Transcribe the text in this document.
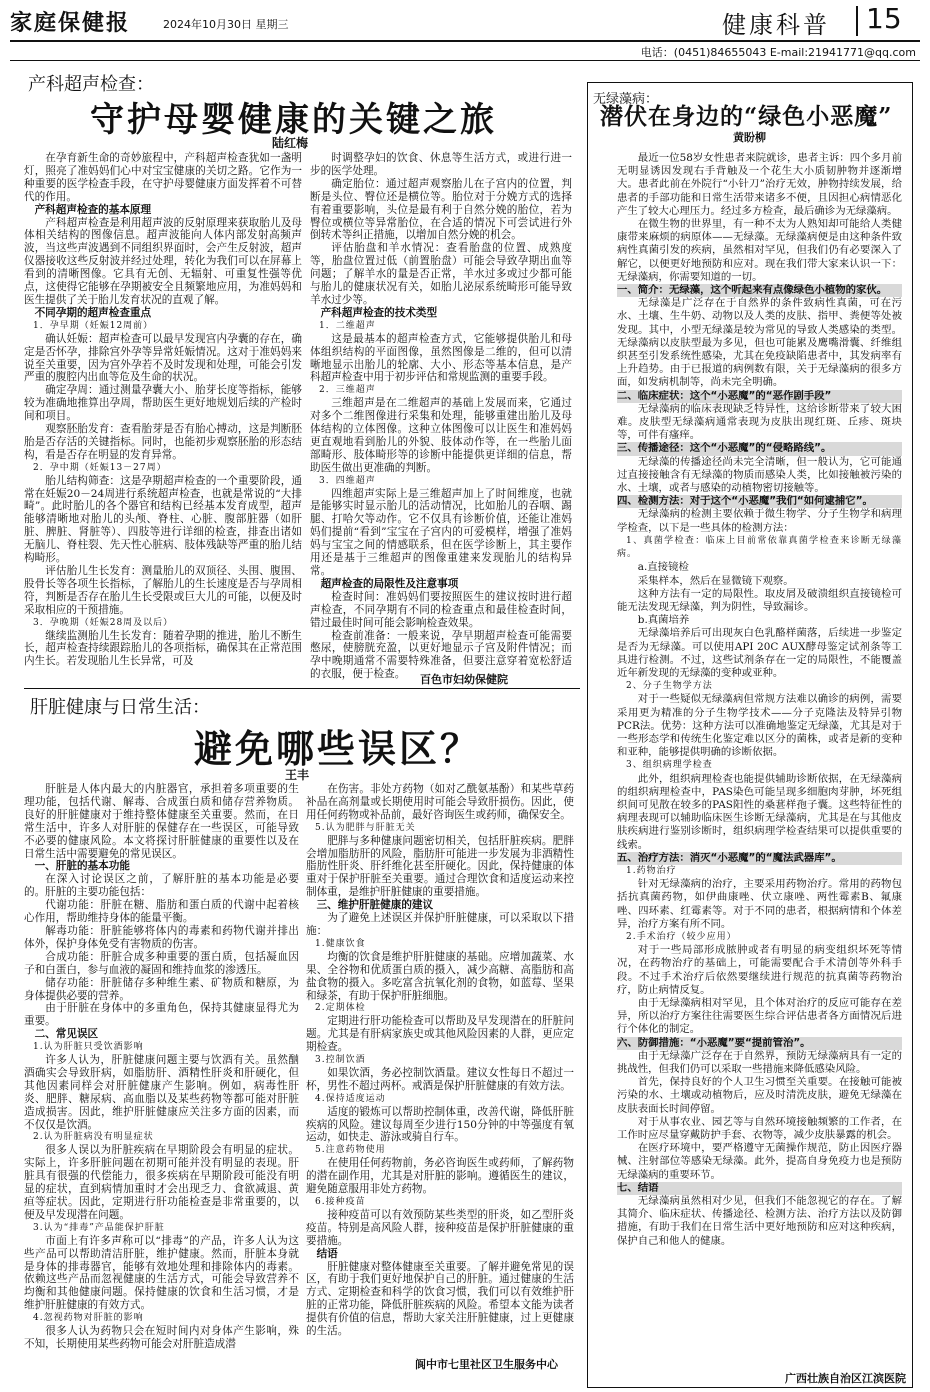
家庭保健报	2024年10月30日 星期三	健康科普 15
电话：(0451)84655043 E-mail:21941771@qq.com
产科超声检查：
守护母婴健康的关键之旅
陆红梅

在孕育新生命的奇妙旅程中，产科超声检查犹如一盏明灯，照亮了准妈妈们心中对宝宝健康的关切之路。它作为一种重要的医学检查手段，在守护母婴健康方面发挥着不可替代的作用。

产科超声检查的基本原理

产科超声检查是利用超声波的反射原理来获取胎儿及母体相关结构的图像信息。超声波能向人体内部发射高频声波，当这些声波遇到不同组织界面时，会产生反射波，超声仪器接收这些反射波并经过处理，转化为我们可以在屏幕上看到的清晰图像。它具有无创、无辐射、可重复性强等优点，这使得它能够在孕期被安全且频繁地应用，为准妈妈和医生提供了关于胎儿发育状况的直观了解。

不同孕期的超声检查重点

1．孕早期（妊娠12周前）

确认妊娠：超声检查可以最早发现宫内孕囊的存在，确定是否怀孕，排除宫外孕等异常妊娠情况。这对于准妈妈来说至关重要，因为宫外孕若不及时发现和处理，可能会引发严重的腹腔内出血等危及生命的状况。

确定孕周：通过测量孕囊大小、胎芽长度等指标，能够较为准确地推算出孕周，帮助医生更好地规划后续的产检时间和项目。

观察胚胎发育：查看胎芽是否有胎心搏动，这是判断胚胎是否存活的关键指标。同时，也能初步观察胚胎的形态结构，看是否存在明显的发育异常。

2．孕中期（妊娠13－27周）

胎儿结构筛查：这是孕期超声检查的一个重要阶段，通常在妊娠20－24周进行系统超声检查，也就是常说的“大排畸”。此时胎儿的各个器官和结构已经基本发育成型，超声能够清晰地对胎儿的头颅、脊柱、心脏、腹部脏器（如肝脏、脾脏、肾脏等）、四肢等进行详细的检查，排查出诸如无脑儿、脊柱裂、先天性心脏病、肢体残缺等严重的胎儿结构畸形。

评估胎儿生长发育：测量胎儿的双顶径、头围、腹围、股骨长等各项生长指标，了解胎儿的生长速度是否与孕周相符，判断是否存在胎儿生长受限或巨大儿的可能，以便及时采取相应的干预措施。

3．孕晚期（妊娠28周及以后）

继续监测胎儿生长发育：随着孕期的推进，胎儿不断生长，超声检查持续跟踪胎儿的各项指标，确保其在正常范围内生长。若发现胎儿生长异常，可及

时调整孕妇的饮食、休息等生活方式，或进行进一步的医学处理。

确定胎位：通过超声观察胎儿在子宫内的位置，判断是头位、臀位还是横位等。胎位对于分娩方式的选择有着重要影响，头位是最有利于自然分娩的胎位，若为臀位或横位等异常胎位，在合适的情况下可尝试进行外倒转术等纠正措施，以增加自然分娩的机会。

评估胎盘和羊水情况：查看胎盘的位置、成熟度等，胎盘位置过低（前置胎盘）可能会导致孕期出血等问题；了解羊水的量是否正常，羊水过多或过少都可能与胎儿的健康状况有关，如胎儿泌尿系统畸形可能导致羊水过少等。

产科超声检查的技术类型

1．二维超声

这是最基本的超声检查方式，它能够提供胎儿和母体组织结构的平面图像，虽然图像是二维的，但可以清晰地显示出胎儿的轮廓、大小、形态等基本信息，是产科超声检查中用于初步评估和常规监测的重要手段。

2．三维超声

三维超声是在二维超声的基础上发展而来，它通过对多个二维图像进行采集和处理，能够重建出胎儿及母体结构的立体图像。这种立体图像可以让医生和准妈妈更直观地看到胎儿的外貌、肢体动作等，在一些胎儿面部畸形、肢体畸形等的诊断中能提供更详细的信息，帮助医生做出更准确的判断。

3．四维超声

四维超声实际上是三维超声加上了时间维度，也就是能够实时显示胎儿的活动情况，比如胎儿的吞咽、踢腿、打哈欠等动作。它不仅具有诊断价值，还能让准妈妈们提前“看到”宝宝在子宫内的可爱模样，增强了准妈妈与宝宝之间的情感联系，但在医学诊断上，其主要作用还是基于三维超声的图像重建来发现胎儿的结构异常。

超声检查的局限性及注意事项

检查时间：准妈妈们要按照医生的建议按时进行超声检查，不同孕期有不同的检查重点和最佳检查时间，错过最佳时间可能会影响检查效果。

检查前准备：一般来说，孕早期超声检查可能需要憋尿，使膀胱充盈，以更好地显示子宫及附件情况；而孕中晚期通常不需要特殊准备，但要注意穿着宽松舒适的衣服，便于检查。	百色市妇幼保健院
肝脏健康与日常生活：
避免哪些误区？
王丰

肝脏是人体内最大的内脏器官，承担着多项重要的生理功能，包括代谢、解毒、合成蛋白质和储存营养物质。良好的肝脏健康对于维持整体健康至关重要。然而，在日常生活中，许多人对肝脏的保健存在一些误区，可能导致不必要的健康风险。本文将探讨肝脏健康的重要性以及在日常生活中需要避免的常见误区。

一、肝脏的基本功能

在深入讨论误区之前，了解肝脏的基本功能是必要的。肝脏的主要功能包括：

代谢功能：肝脏在糖、脂肪和蛋白质的代谢中起着核心作用，帮助维持身体的能量平衡。

解毒功能：肝脏能够将体内的毒素和药物代谢并排出体外，保护身体免受有害物质的伤害。

合成功能：肝脏合成多种重要的蛋白质，包括凝血因子和白蛋白，参与血液的凝固和维持血浆的渗透压。

储存功能：肝脏储存多种维生素、矿物质和糖原，为身体提供必要的营养。

由于肝脏在身体中的多重角色，保持其健康显得尤为重要。

二、常见误区

1.认为肝脏只受饮酒影响

许多人认为，肝脏健康问题主要与饮酒有关。虽然酗酒确实会导致肝病，如脂肪肝、酒精性肝炎和肝硬化，但其他因素同样会对肝脏健康产生影响。例如，病毒性肝炎、肥胖、糖尿病、高血脂以及某些药物等都可能对肝脏造成损害。因此，维护肝脏健康应关注多方面的因素，而不仅仅是饮酒。

2.认为肝脏病没有明显症状

很多人误以为肝脏疾病在早期阶段会有明显的症状。实际上，许多肝脏问题在初期可能并没有明显的表现。肝脏具有很强的代偿能力，很多疾病在早期阶段可能没有明显的症状，直到病情加重时才会出现乏力、食欲减退、黄疸等症状。因此，定期进行肝功能检查是非常重要的，以便及早发现潜在问题。

3.认为“排毒”产品能保护肝脏

市面上有许多声称可以“排毒”的产品，许多人认为这些产品可以帮助清洁肝脏，维护健康。然而，肝脏本身就是身体的排毒器官，能够有效地处理和排除体内的毒素。依赖这些产品而忽视健康的生活方式，可能会导致营养不均衡和其他健康问题。保持健康的饮食和生活习惯，才是维护肝脏健康的有效方式。

4.忽视药物对肝脏的影响

很多人认为药物只会在短时间内对身体产生影响，殊不知，长期使用某些药物可能会对肝脏造成潜

在伤害。非处方药物（如对乙酰氨基酚）和某些草药补品在高剂量或长期使用时可能会导致肝损伤。因此，使用任何药物或补品前，最好咨询医生或药师，确保安全。

5.认为肥胖与肝脏无关

肥胖与多种健康问题密切相关，包括肝脏疾病。肥胖会增加脂肪肝的风险，脂肪肝可能进一步发展为非酒精性脂肪性肝炎、肝纤维化甚至肝硬化。因此，保持健康的体重对于保护肝脏至关重要。通过合理饮食和适度运动来控制体重，是维护肝脏健康的重要措施。

三、维护肝脏健康的建议

为了避免上述误区并保护肝脏健康，可以采取以下措施：

1.健康饮食

均衡的饮食是维护肝脏健康的基础。应增加蔬菜、水果、全谷物和优质蛋白质的摄入，减少高糖、高脂肪和高盐食物的摄入。多吃富含抗氧化剂的食物，如蓝莓、坚果和绿茶，有助于保护肝脏细胞。

2.定期体检

定期进行肝功能检查可以帮助及早发现潜在的肝脏问题。尤其是有肝病家族史或其他风险因素的人群，更应定期检查。

3.控制饮酒

如果饮酒，务必控制饮酒量。建议女性每日不超过一杯，男性不超过两杯。戒酒是保护肝脏健康的有效方法。

4.保持适度运动

适度的锻炼可以帮助控制体重，改善代谢，降低肝脏疾病的风险。建议每周至少进行150分钟的中等强度有氧运动，如快走、游泳或骑自行车。

5.注意药物使用

在使用任何药物前，务必咨询医生或药师，了解药物的潜在副作用，尤其是对肝脏的影响。遵循医生的建议，避免随意服用非处方药物。

6.接种疫苗

接种疫苗可以有效预防某些类型的肝炎，如乙型肝炎疫苗。特别是高风险人群，接种疫苗是保护肝脏健康的重要措施。

结语

肝脏健康对整体健康至关重要。了解并避免常见的误区，有助于我们更好地保护自己的肝脏。通过健康的生活方式、定期检查和科学的饮食习惯，我们可以有效维护肝脏的正常功能，降低肝脏疾病的风险。希望本文能为读者提供有价值的信息，帮助大家关注肝脏健康，过上更健康的生活。

阆中市七里社区卫生服务中心
无绿藻病：
潜伏在身边的“绿色小恶魔”
黄盼柳

最近一位58岁女性患者来院就诊，患者主诉：四个多月前无明显诱因发现右手背触及一个花生大小质韧肿物并逐渐增大。患者此前在外院行“小针刀”治疗无效，肿物持续发展，给患者的手部功能和日常生活带来诸多不便，且因担心病情恶化产生了较大心理压力。经过多方检查，最后确诊为无绿藻病。

在微生物的世界里，有一种不太为人熟知却可能给人类健康带来麻烦的病原体——无绿藻。无绿藻病便是由这种条件致病性真菌引发的疾病，虽然相对罕见，但我们仍有必要深入了解它，以便更好地预防和应对。现在我们带大家来认识一下：无绿藻病，你需要知道的一切。

一、简介：无绿藻，这个听起来有点像绿色小植物的家伙。

无绿藻是广泛存在于自然界的条件致病性真菌，可在污水、土壤、生牛奶、动物以及人类的皮肤、指甲、粪便等处被发现。其中，小型无绿藻是较为常见的导致人类感染的类型。无绿藻病以皮肤型最为多见，但也可能累及鹰嘴滑囊、纤维组织甚至引发系统性感染，尤其在免疫缺陷患者中，其发病率有上升趋势。由于已报道的病例数有限，关于无绿藻病的很多方面，如发病机制等，尚未完全明确。

二、临床症状：这个“小恶魔”的“恶作剧手段”

无绿藻病的临床表现缺乏特异性，这给诊断带来了较大困难。皮肤型无绿藻病通常表现为皮肤出现红斑、丘疹、斑块等，可伴有瘙痒。

三、传播途径：这个“小恶魔”的“侵略路线”。

无绿藻的传播途径尚未完全清晰，但一般认为，它可能通过直接接触含有无绿藻的物质而感染人类，比如接触被污染的水、土壤，或者与感染的动植物密切接触等。

四、检测方法：对于这个“小恶魔”我们“如何逮捕它”。

无绿藻病的检测主要依赖于微生物学、分子生物学和病理学检查，以下是一些具体的检测方法：

1、真菌学检查：临床上目前常依靠真菌学检查来诊断无绿藻病。

a.直接镜检

采集样本，然后在显微镜下观察。

这种方法有一定的局限性。取皮屑及破溃组织直接镜检可能无法发现无绿藻，判为阴性，导致漏诊。

b.真菌培养

无绿藻培养后可出现灰白色乳酪样菌落，后续进一步鉴定是否为无绿藻。可以使用API 20C AUX酵母鉴定试剂条等工具进行检测。不过，这些试剂条存在一定的局限性，不能覆盖近年新发现的无绿藻的变种或亚种。

2、分子生物学方法

对于一些疑似无绿藻病但常规方法难以确诊的病例，需要采用更为精准的分子生物学技术——分子克隆法及特异引物PCR法。优势：这种方法可以准确地鉴定无绿藻，尤其是对于一些形态学和传统生化鉴定难以区分的菌株，或者是新的变种和亚种，能够提供明确的诊断依据。

3、组织病理学检查

此外，组织病理检查也能提供辅助诊断依据，在无绿藻病的组织病理检查中，PAS染色可能呈现多细胞肉芽肿，坏死组织间可见散在较多的PAS阳性的桑葚样孢子囊。这些特征性的病理表现可以辅助临床医生诊断无绿藻病，尤其是在与其他皮肤疾病进行鉴别诊断时，组织病理学检查结果可以提供重要的线索。

五、治疗方法：消灭“小恶魔”的“魔法武器库”。

1.药物治疗

针对无绿藻病的治疗，主要采用药物治疗。常用的药物包括抗真菌药物，如伊曲康唑、伏立康唑、两性霉素B、氟康唑、四环素、红霉素等。对于不同的患者，根据病情和个体差异，治疗方案有所不同。

2.手术治疗（较少应用）

对于一些局部形成脓肿或者有明显的病变组织坏死等情况，在药物治疗的基础上，可能需要配合手术清创等外科手段。不过手术治疗后依然要继续进行规范的抗真菌等药物治疗，防止病情反复。

由于无绿藻病相对罕见，且个体对治疗的反应可能存在差异，所以治疗方案往往需要医生综合评估患者各方面情况后进行个体化的制定。

六、防御措施：“小恶魔”要“提前管治”。

由于无绿藻广泛存在于自然界，预防无绿藻病具有一定的挑战性，但我们仍可以采取一些措施来降低感染风险。

首先，保持良好的个人卫生习惯至关重要。在接触可能被污染的水、土壤或动植物后，应及时清洗皮肤，避免无绿藻在皮肤表面长时间停留。

对于从事农业、园艺等与自然环境接触频繁的工作者，在工作时应尽量穿戴防护手套、衣物等，减少皮肤暴露的机会。

在医疗环境中，要严格遵守无菌操作规范，防止因医疗器械、注射部位等感染无绿藻。此外，提高自身免疫力也是预防无绿藻病的重要环节。

七、结语

无绿藻病虽然相对少见，但我们不能忽视它的存在。了解其简介、临床症状、传播途径、检测方法、治疗方法以及防御措施，有助于我们在日常生活中更好地预防和应对这种疾病，保护自己和他人的健康。

广西壮族自治区江滨医院
